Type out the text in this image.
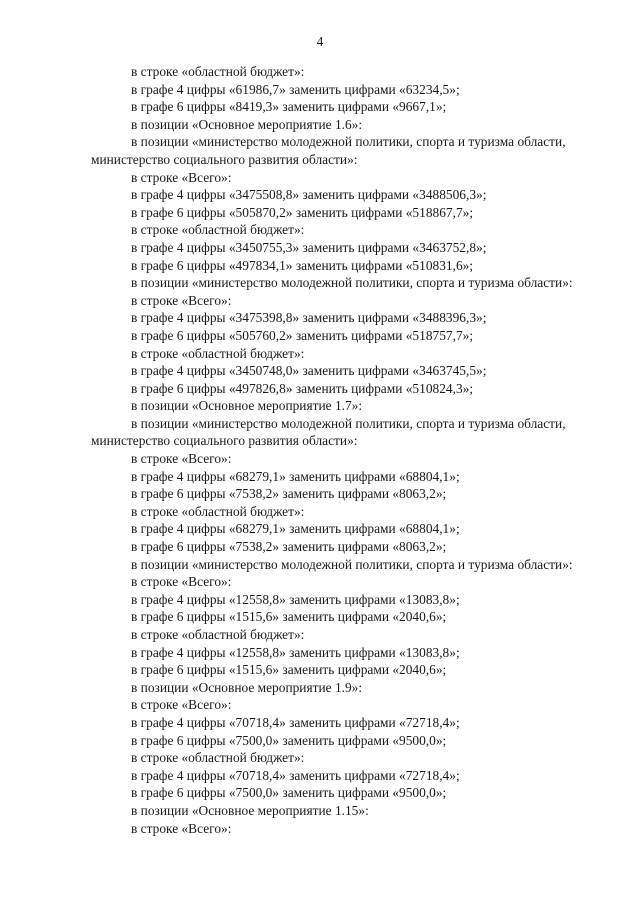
4
в строке «областной бюджет»:
в графе 4 цифры «61986,7» заменить цифрами «63234,5»;
в графе 6 цифры «8419,3» заменить цифрами «9667,1»;
в позиции «Основное мероприятие 1.6»:
в позиции «министерство молодежной политики, спорта и туризма области,
министерство социального развития области»:
в строке «Всего»:
в графе 4 цифры «3475508,8» заменить цифрами «3488506,3»;
в графе 6 цифры «505870,2» заменить цифрами «518867,7»;
в строке «областной бюджет»:
в графе 4 цифры «3450755,3» заменить цифрами «3463752,8»;
в графе 6 цифры «497834,1» заменить цифрами «510831,6»;
в позиции «министерство молодежной политики, спорта и туризма области»:
в строке «Всего»:
в графе 4 цифры «3475398,8» заменить цифрами «3488396,3»;
в графе 6 цифры «505760,2» заменить цифрами «518757,7»;
в строке «областной бюджет»:
в графе 4 цифры «3450748,0» заменить цифрами «3463745,5»;
в графе 6 цифры «497826,8» заменить цифрами «510824,3»;
в позиции «Основное мероприятие 1.7»:
в позиции «министерство молодежной политики, спорта и туризма области,
министерство социального развития области»:
в строке «Всего»:
в графе 4 цифры «68279,1» заменить цифрами «68804,1»;
в графе 6 цифры «7538,2» заменить цифрами «8063,2»;
в строке «областной бюджет»:
в графе 4 цифры «68279,1» заменить цифрами «68804,1»;
в графе 6 цифры «7538,2» заменить цифрами «8063,2»;
в позиции «министерство молодежной политики, спорта и туризма области»:
в строке «Всего»:
в графе 4 цифры «12558,8» заменить цифрами «13083,8»;
в графе 6 цифры «1515,6» заменить цифрами «2040,6»;
в строке «областной бюджет»:
в графе 4 цифры «12558,8» заменить цифрами «13083,8»;
в графе 6 цифры «1515,6» заменить цифрами «2040,6»;
в позиции «Основное мероприятие 1.9»:
в строке «Всего»:
в графе 4 цифры «70718,4» заменить цифрами «72718,4»;
в графе 6 цифры «7500,0» заменить цифрами «9500,0»;
в строке «областной бюджет»:
в графе 4 цифры «70718,4» заменить цифрами «72718,4»;
в графе 6 цифры «7500,0» заменить цифрами «9500,0»;
в позиции «Основное мероприятие 1.15»:
в строке «Всего»:
